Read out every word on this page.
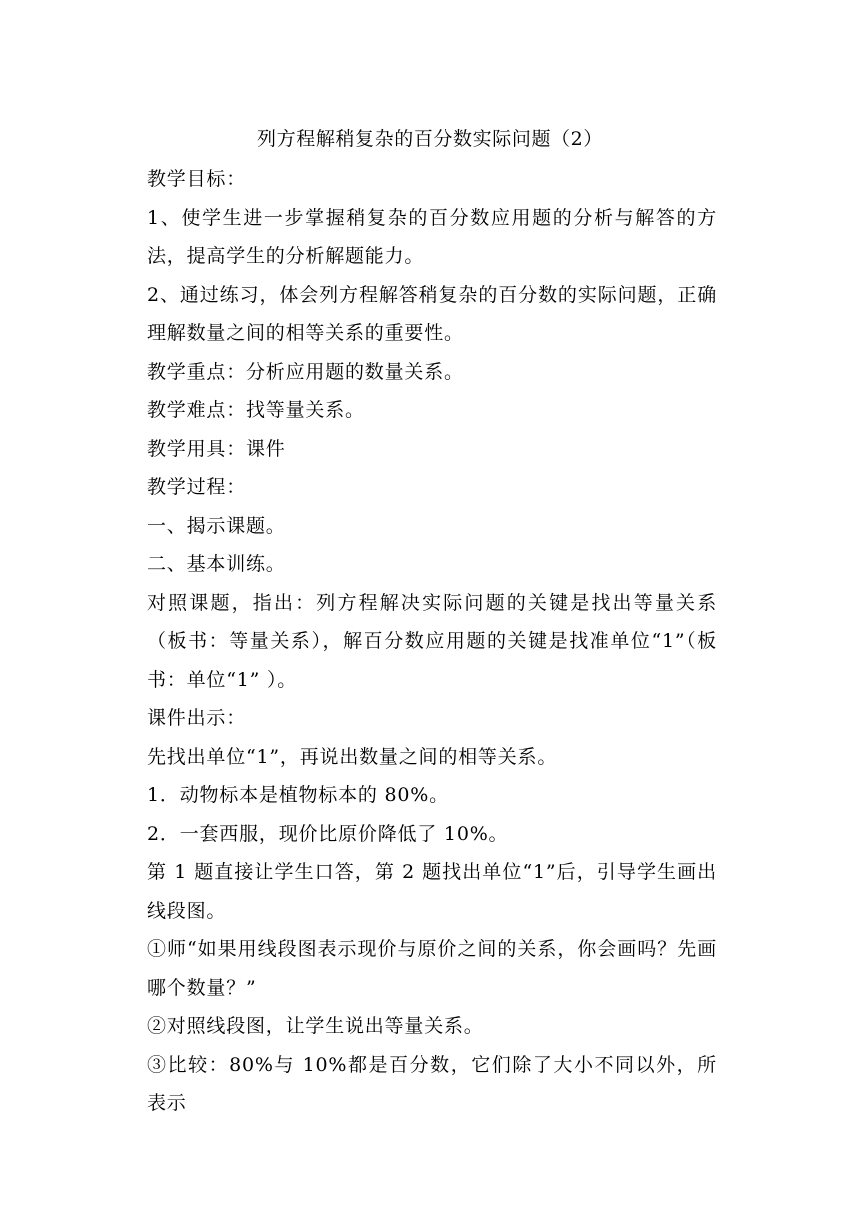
列方程解稍复杂的百分数实际问题（2）

教学目标：

1、使学生进一步掌握稍复杂的百分数应用题的分析与解答的方法，提高学生的分析解题能力。

2、通过练习，体会列方程解答稍复杂的百分数的实际问题，正确理解数量之间的相等关系的重要性。

教学重点：分析应用题的数量关系。

教学难点：找等量关系。

教学用具：课件

教学过程：

一、揭示课题。

二、基本训练。

对照课题，指出：列方程解决实际问题的关键是找出等量关系（板书：等量关系），解百分数应用题的关键是找准单位“1”（板书：单位“1” ）。

课件出示：

先找出单位“1”，再说出数量之间的相等关系。

1．动物标本是植物标本的 80%。

2．一套西服，现价比原价降低了 10%。

第 1 题直接让学生口答，第 2 题找出单位“1”后，引导学生画出线段图。

①师“如果用线段图表示现价与原价之间的关系，你会画吗？先画哪个数量？”

②对照线段图，让学生说出等量关系。

③比较：80%与 10%都是百分数，它们除了大小不同以外，所表示
